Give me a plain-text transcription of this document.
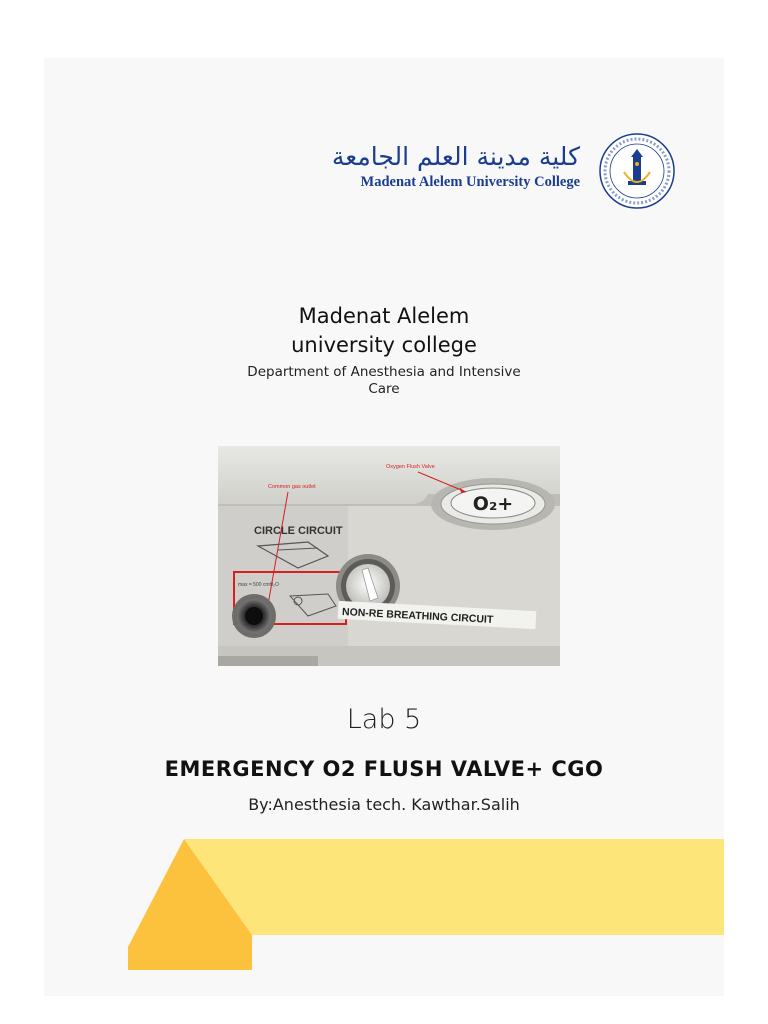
كلية مدينة العلم الجامعة
Madenat Alelem University College
Madenat Alelem
university college
Department of Anesthesia and Intensive Care
O₂+
Oxygen Flush Valve
Common gas outlet
CIRCLE CIRCUIT
max = 500 cmH₂O
NON-RE BREATHING CIRCUIT
Lab 5
EMERGENCY O2 FLUSH VALVE+ CGO
By:Anesthesia tech. Kawthar.Salih
